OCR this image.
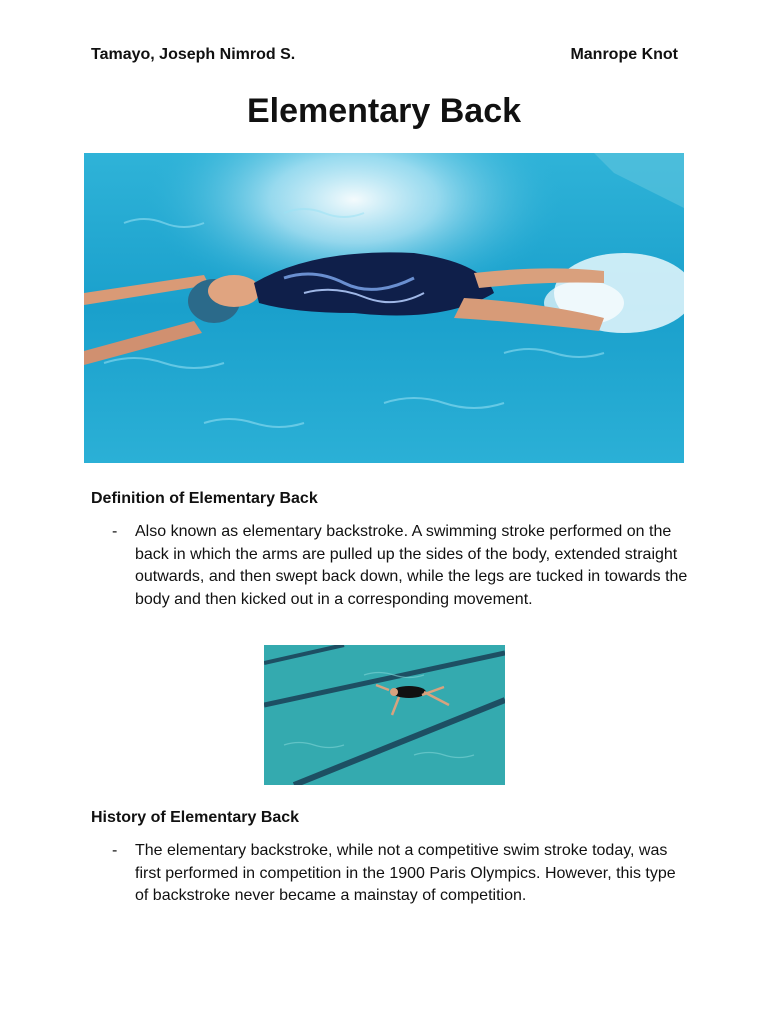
Tamayo, Joseph Nimrod S.	Manrope Knot
Elementary Back
Definition of Elementary Back
- Also known as elementary backstroke. A swimming stroke performed on the back in which the arms are pulled up the sides of the body, extended straight outwards, and then swept back down, while the legs are tucked in towards the body and then kicked out in a corresponding movement.
History of Elementary Back
- The elementary backstroke, while not a competitive swim stroke today, was first performed in competition in the 1900 Paris Olympics. However, this type of backstroke never became a mainstay of competition.
